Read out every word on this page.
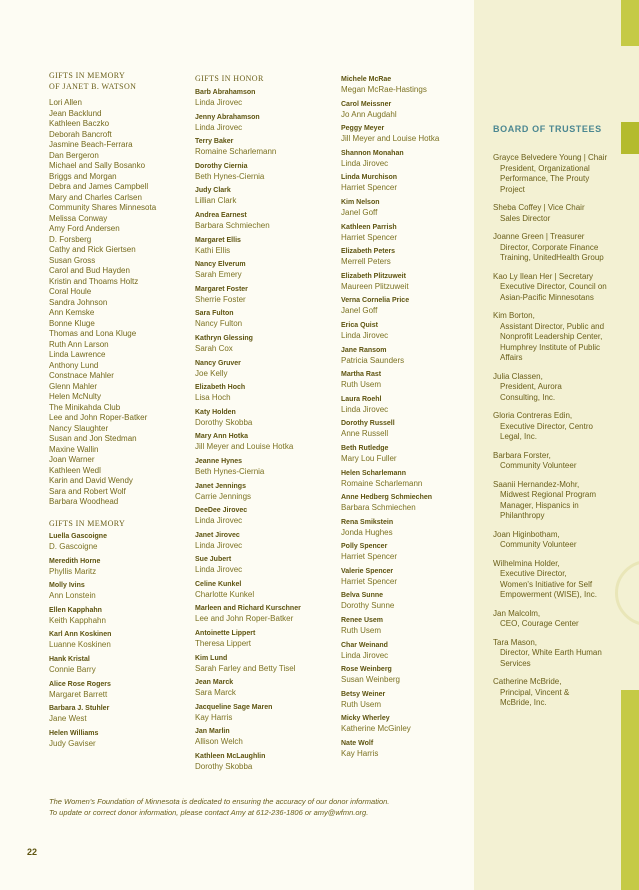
GIFTS IN MEMORY
OF JANET B. WATSON
Lori Allen
Jean Backlund
Kathleen Baczko
Deborah Bancroft
Jasmine Beach-Ferrara
Dan Bergeron
Michael and Sally Bosanko
Briggs and Morgan
Debra and James Campbell
Mary and Charles Carlsen
Community Shares Minnesota
Melissa Conway
Amy Ford Andersen
D. Forsberg
Cathy and Rick Giertsen
Susan Gross
Carol and Bud Hayden
Kristin and Thoams Holtz
Coral Houle
Sandra Johnson
Ann Kemske
Bonne Kluge
Thomas and Lona Kluge
Ruth Ann Larson
Linda Lawrence
Anthony Lund
Constnace Mahler
Glenn Mahler
Helen McNulty
The Minikahda Club
Lee and John Roper-Batker
Nancy Slaughter
Susan and Jon Stedman
Maxine Wallin
Joan Warner
Kathleen Wedl
Karin and David Wendy
Sara and Robert Wolf
Barbara Woodhead
GIFTS IN MEMORY
Luella Gascoigne
D. Gascoigne
Meredith Horne
Phyllis Maritz
Molly Ivins
Ann Lonstein
Ellen Kapphahn
Keith Kapphahn
Karl Ann Koskinen
Luanne Koskinen
Hank Kristal
Connie Barry
Alice Rose Rogers
Margaret Barrett
Barbara J. Stuhler
Jane West
Helen Williams
Judy Gaviser
GIFTS IN HONOR
Barb Abrahamson
Linda Jirovec
Jenny Abrahamson
Linda Jirovec
Terry Baker
Romaine Scharlemann
Dorothy Ciernia
Beth Hynes-Ciernia
Judy Clark
Lillian Clark
Andrea Earnest
Barbara Schmiechen
Margaret Ellis
Kathi Ellis
Nancy Elverum
Sarah Emery
Margaret Foster
Sherrie Foster
Sara Fulton
Nancy Fulton
Kathryn Glessing
Sarah Cox
Nancy Gruver
Joe Kelly
Elizabeth Hoch
Lisa Hoch
Katy Holden
Dorothy Skobba
Mary Ann Hotka
Jill Meyer and Louise Hotka
Jeanne Hynes
Beth Hynes-Ciernia
Janet Jennings
Carrie Jennings
DeeDee Jirovec
Linda Jirovec
Janet Jirovec
Linda Jirovec
Sue Jubert
Linda Jirovec
Celine Kunkel
Charlotte Kunkel
Marleen and Richard Kurschner
Lee and John Roper-Batker
Antoinette Lippert
Theresa Lippert
Kim Lund
Sarah Farley and Betty Tisel
Jean Marck
Sara Marck
Jacqueline Sage Maren
Kay Harris
Jan Marlin
Allison Welch
Kathleen McLaughlin
Dorothy Skobba
Michele McRae
Megan McRae-Hastings
Carol Meissner
Jo Ann Augdahl
Peggy Meyer
Jill Meyer and Louise Hotka
Shannon Monahan
Linda Jirovec
Linda Murchison
Harriet Spencer
Kim Nelson
Janel Goff
Kathleen Parrish
Harriet Spencer
Elizabeth Peters
Merrell Peters
Elizabeth Plitzuweit
Maureen Plitzuweit
Verna Cornelia Price
Janel Goff
Erica Quist
Linda Jirovec
Jane Ransom
Patricia Saunders
Martha Rast
Ruth Usem
Laura Roehl
Linda Jirovec
Dorothy Russell
Anne Russell
Beth Rutledge
Mary Lou Fuller
Helen Scharlemann
Romaine Scharlemann
Anne Hedberg Schmiechen
Barbara Schmiechen
Rena Smikstein
Jonda Hughes
Polly Spencer
Harriet Spencer
Valerie Spencer
Harriet Spencer
Belva Sunne
Dorothy Sunne
Renee Usem
Ruth Usem
Char Weinand
Linda Jirovec
Rose Weinberg
Susan Weinberg
Betsy Weiner
Ruth Usem
Micky Wherley
Katherine McGinley
Nate Wolf
Kay Harris
BOARD OF TRUSTEES
Grayce Belvedere Young | Chair
President, Organizational
Performance, The Prouty
Project
Sheba Coffey | Vice Chair
Sales Director
Joanne Green | Treasurer
Director, Corporate Finance
Training, UnitedHealth Group
Kao Ly Ilean Her | Secretary
Executive Director, Council on
Asian-Pacific Minnesotans
Kim Borton,
Assistant Director, Public and
Nonprofit Leadership Center,
Humphrey Institute of Public
Affairs
Julia Classen,
President, Aurora
Consulting, Inc.
Gloria Contreras Edin,
Executive Director, Centro
Legal, Inc.
Barbara Forster,
Community Volunteer
Saanii Hernandez-Mohr,
Midwest Regional Program
Manager, Hispanics in
Philanthropy
Joan Higinbotham,
Community Volunteer
Wilhelmina Holder,
Executive Director,
Women's Initiative for Self
Empowerment (WISE), Inc.
Jan Malcolm,
CEO, Courage Center
Tara Mason,
Director, White Earth Human
Services
Catherine McBride,
Principal, Vincent &
McBride, Inc.
The Women's Foundation of Minnesota is dedicated to ensuring the accuracy of our donor information.
To update or correct donor information, please contact Amy at 612-236-1806 or amy@wfmn.org.
22
